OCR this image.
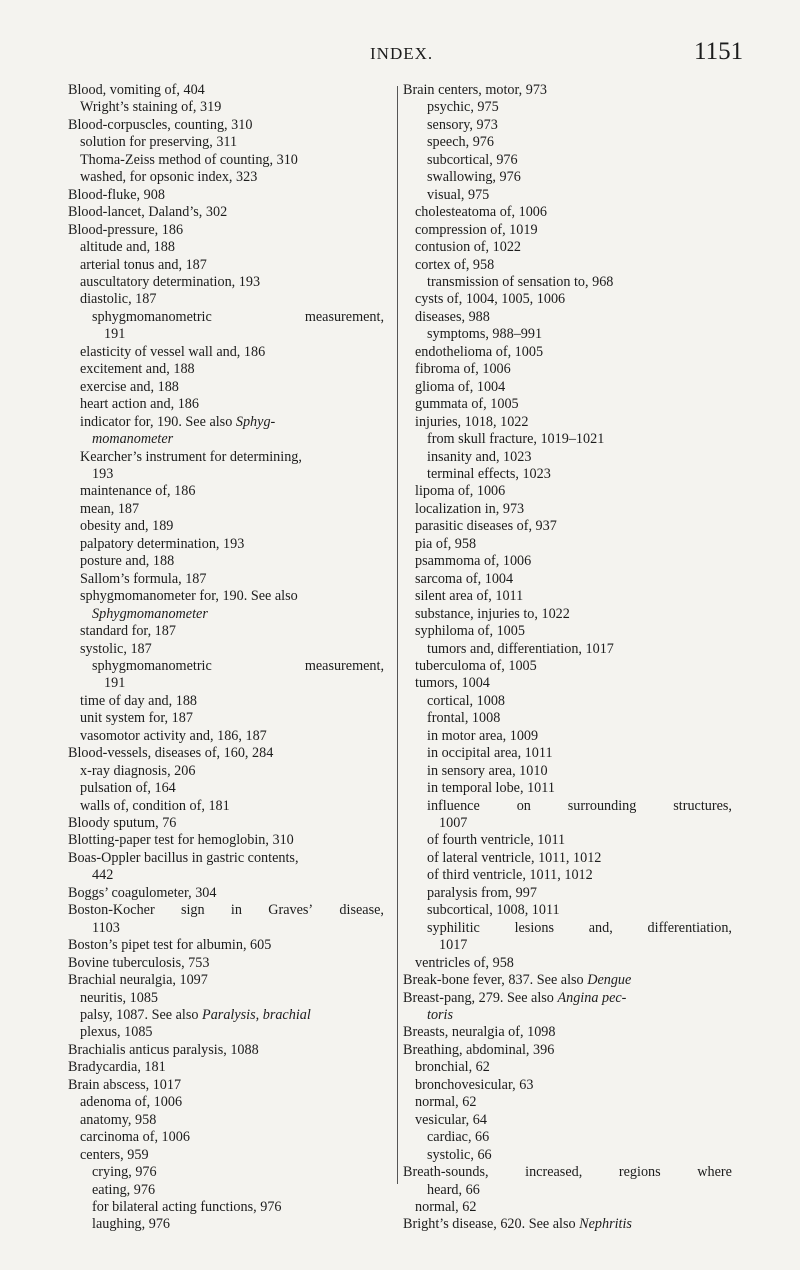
INDEX.	1151
Blood, vomiting of, 404
Wright’s staining of, 319
Blood-corpuscles, counting, 310
solution for preserving, 311
Thoma-Zeiss method of counting, 310
washed, for opsonic index, 323
Blood-fluke, 908
Blood-lancet, Daland’s, 302
Blood-pressure, 186
altitude and, 188
arterial tonus and, 187
auscultatory determination, 193
diastolic, 187
sphygmomanometric	measurement,
191
elasticity of vessel wall and, 186
excitement and, 188
exercise and, 188
heart action and, 186
indicator for, 190. See also Sphyg-
momanometer
Kearcher’s instrument for determining,
193
maintenance of, 186
mean, 187
obesity and, 189
palpatory determination, 193
posture and, 188
Sallom’s formula, 187
sphygmomanometer for, 190. See also
Sphygmomanometer
standard for, 187
systolic, 187
sphygmomanometric	measurement,
191
time of day and, 188
unit system for, 187
vasomotor activity and, 186, 187
Blood-vessels, diseases of, 160, 284
x-ray diagnosis, 206
pulsation of, 164
walls of, condition of, 181
Bloody sputum, 76
Blotting-paper test for hemoglobin, 310
Boas-Oppler bacillus in gastric contents,
442
Boggs’ coagulometer, 304
Boston-Kocher sign in Graves’ disease,
1103
Boston’s pipet test for albumin, 605
Bovine tuberculosis, 753
Brachial neuralgia, 1097
neuritis, 1085
palsy, 1087. See also Paralysis, brachial
plexus, 1085
Brachialis anticus paralysis, 1088
Bradycardia, 181
Brain abscess, 1017
adenoma of, 1006
anatomy, 958
carcinoma of, 1006
centers, 959
crying, 976
eating, 976
for bilateral acting functions, 976
laughing, 976
Brain centers, motor, 973
psychic, 975
sensory, 973
speech, 976
subcortical, 976
swallowing, 976
visual, 975
cholesteatoma of, 1006
compression of, 1019
contusion of, 1022
cortex of, 958
transmission of sensation to, 968
cysts of, 1004, 1005, 1006
diseases, 988
symptoms, 988–991
endothelioma of, 1005
fibroma of, 1006
glioma of, 1004
gummata of, 1005
injuries, 1018, 1022
from skull fracture, 1019–1021
insanity and, 1023
terminal effects, 1023
lipoma of, 1006
localization in, 973
parasitic diseases of, 937
pia of, 958
psammoma of, 1006
sarcoma of, 1004
silent area of, 1011
substance, injuries to, 1022
syphiloma of, 1005
tumors and, differentiation, 1017
tuberculoma of, 1005
tumors, 1004
cortical, 1008
frontal, 1008
in motor area, 1009
in occipital area, 1011
in sensory area, 1010
in temporal lobe, 1011
influence	on	surrounding	structures,
1007
of fourth ventricle, 1011
of lateral ventricle, 1011, 1012
of third ventricle, 1011, 1012
paralysis from, 997
subcortical, 1008, 1011
syphilitic lesions and, differentiation,
1017
ventricles of, 958
Break-bone fever, 837. See also Dengue
Breast-pang, 279. See also Angina pec-
toris
Breasts, neuralgia of, 1098
Breathing, abdominal, 396
bronchial, 62
bronchovesicular, 63
normal, 62
vesicular, 64
cardiac, 66
systolic, 66
Breath-sounds,	increased,	regions	where
heard, 66
normal, 62
Bright’s disease, 620. See also Nephritis
